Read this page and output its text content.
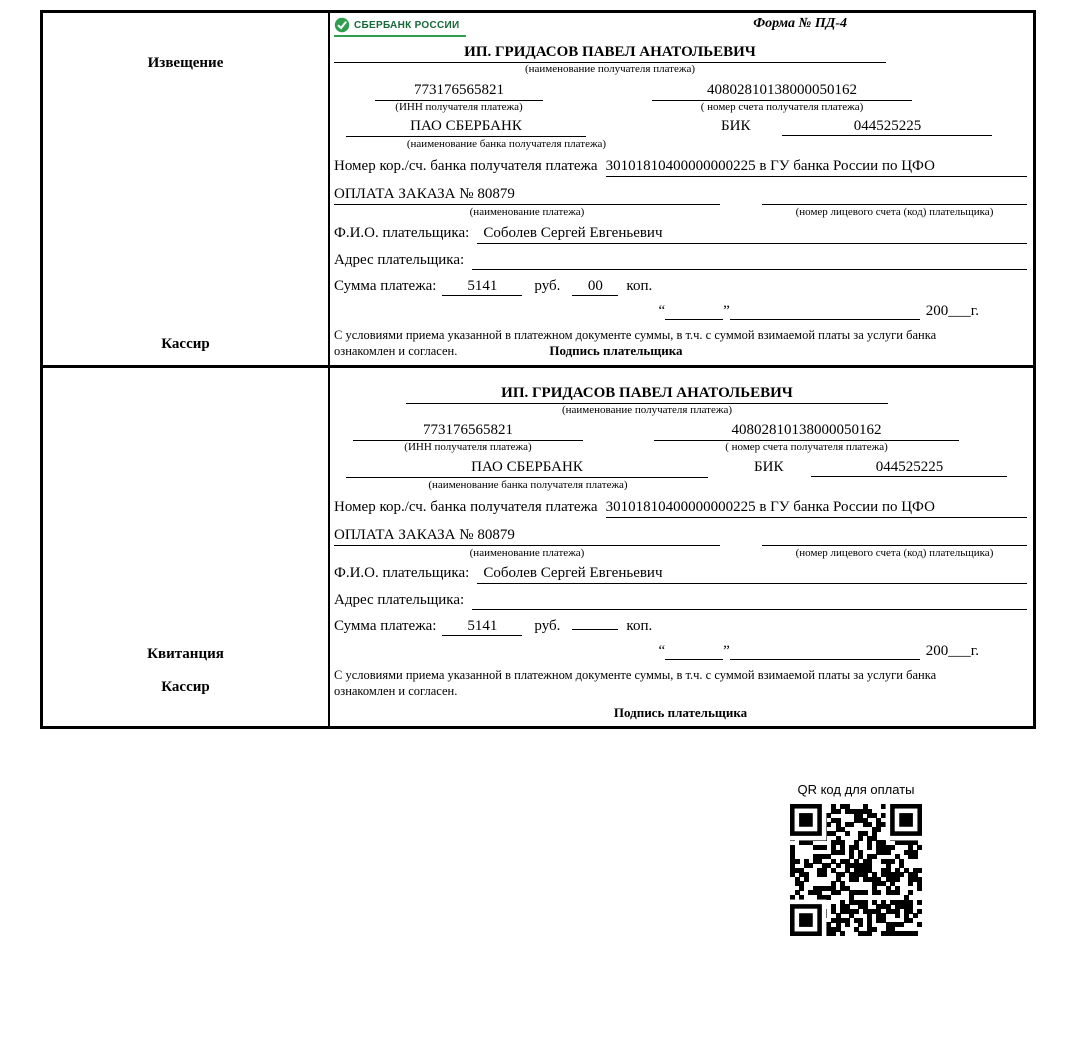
Извещение
Кассир
СБЕРБАНК РОССИИ	Форма № ПД-4
ИП. ГРИДАСОВ ПАВЕЛ АНАТОЛЬЕВИЧ
(наименование получателя платежа)
773176565821
(ИНН получателя платежа)
40802810138000050162
( номер счета получателя платежа)
ПАО СБЕРБАНК
(наименование банка получателя платежа)
БИК	044525225
Номер кор./сч. банка получателя платежа 30101810400000000225 в ГУ банка России по ЦФО
ОПЛАТА ЗАКАЗА № 80879
(наименование платежа)	(номер лицевого счета (код) плательщика)
Ф.И.О. плательщика: Соболев Сергей Евгеньевич
Адрес плательщика:
Сумма платежа:	5141	руб.	00	коп.
“	”	200___г.
С условиями приема указанной в платежном документе суммы, в т.ч. с суммой взимаемой платы за услуги банка
ознакомлен и согласен.	Подпись плательщика
Квитанция
Кассир
ИП. ГРИДАСОВ ПАВЕЛ АНАТОЛЬЕВИЧ
(наименование получателя платежа)
773176565821
(ИНН получателя платежа)
40802810138000050162
( номер счета получателя платежа)
ПАО СБЕРБАНК
(наименование банка получателя платежа)
БИК	044525225
Номер кор./сч. банка получателя платежа 30101810400000000225 в ГУ банка России по ЦФО
ОПЛАТА ЗАКАЗА № 80879
(наименование платежа)	(номер лицевого счета (код) плательщика)
Ф.И.О. плательщика: Соболев Сергей Евгеньевич
Адрес плательщика:
Сумма платежа:	5141	руб.	коп.
“	”	200___г.
С условиями приема указанной в платежном документе суммы, в т.ч. с суммой взимаемой платы за услуги банка
ознакомлен и согласен.
Подпись плательщика
QR код для оплаты
